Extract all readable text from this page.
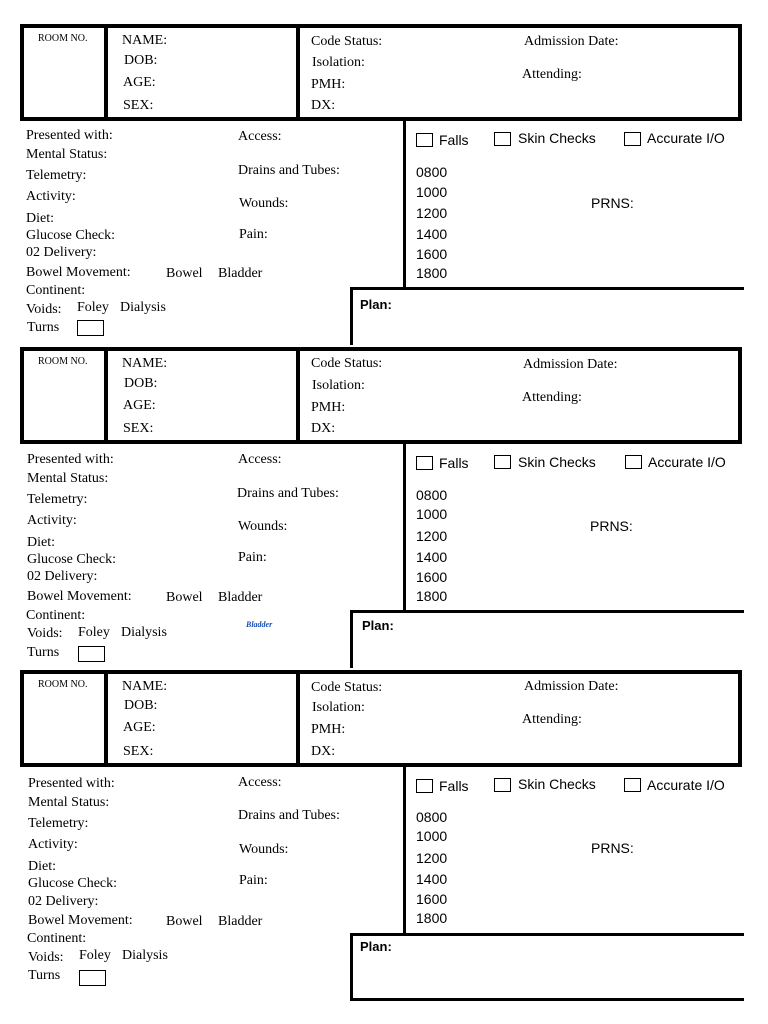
ROOM NO. NAME:
DOB:
AGE:
SEX:
Code Status:
Isolation:
PMH:
DX:
Admission Date:
Attending:
Presented with:
Mental Status:
Telemetry:
Activity:
Diet:
Glucose Check:
02 Delivery:
Bowel Movement:	Bowel Bladder
Continent:
Voids: Foley Dialysis
Turns
Access:
Drains and Tubes:
Wounds:
Pain:
Falls	Skin Checks	Accurate I/O
0800
1000
1200
1400
1600
1800
PRNS:
Plan:
ROOM NO. NAME:
DOB:
AGE:
SEX:
Code Status:
Isolation:
PMH:
DX:
Admission Date:
Attending:
Presented with:
Mental Status:
Telemetry:
Activity:
Diet:
Glucose Check:
02 Delivery:
Bowel Movement: Bowel Bladder
Continent:
Voids: Foley Dialysis
Turns
Bladder
Access:
Drains and Tubes:
Wounds:
Pain:
Falls	Skin Checks	Accurate I/O
0800
1000
1200
1400
1600
1800
PRNS:
Plan:
ROOM NO. NAME:
DOB:
AGE:
SEX:
Code Status:
Isolation:
PMH:
DX:
Admission Date:
Attending:
Presented with:
Mental Status:
Telemetry:
Activity:
Diet:
Glucose Check:
02 Delivery:
Bowel Movement: Bowel Bladder
Continent:
Voids: Foley Dialysis
Turns
Access:
Drains and Tubes:
Wounds:
Pain:
Falls	Skin Checks	Accurate I/O
0800
1000
1200
1400
1600
1800
PRNS:
Plan:
